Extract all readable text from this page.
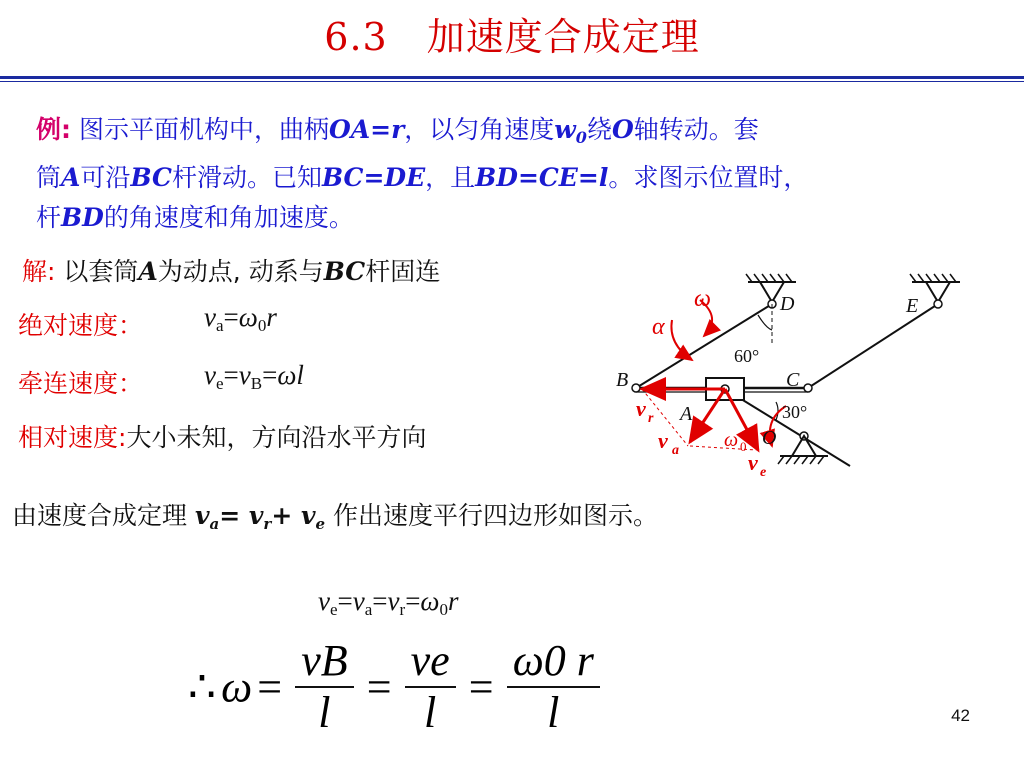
6.3　加速度合成定理
例: 图示平面机构中，曲柄OA=r，以匀角速度$w_0$绕O轴转动。套
筒A可沿BC杆滑动。已知BC=DE，且BD=CE=l。求图示位置时，
杆BD的角速度和角加速度。
解: 以套筒A为动点, 动系与BC杆固连
绝对速度： $v_a=\omega_0r$
牵连速度： $v_e=v_B=\omega l$
相对速度:大小未知，方向沿水平方向
由速度合成定理 $v_a= v_r+ v_e$ 作出速度平行四边形如图示。
$v_e=v_a=v_r=\omega_0r$
∴ $\omega = \frac{vB}{l} = \frac{ve}{l} = \frac{\omega 0 r}{l}$	42
D	E
B	C
A
O
60°
30°
ω
α
ω 0
v r
v a	v e
